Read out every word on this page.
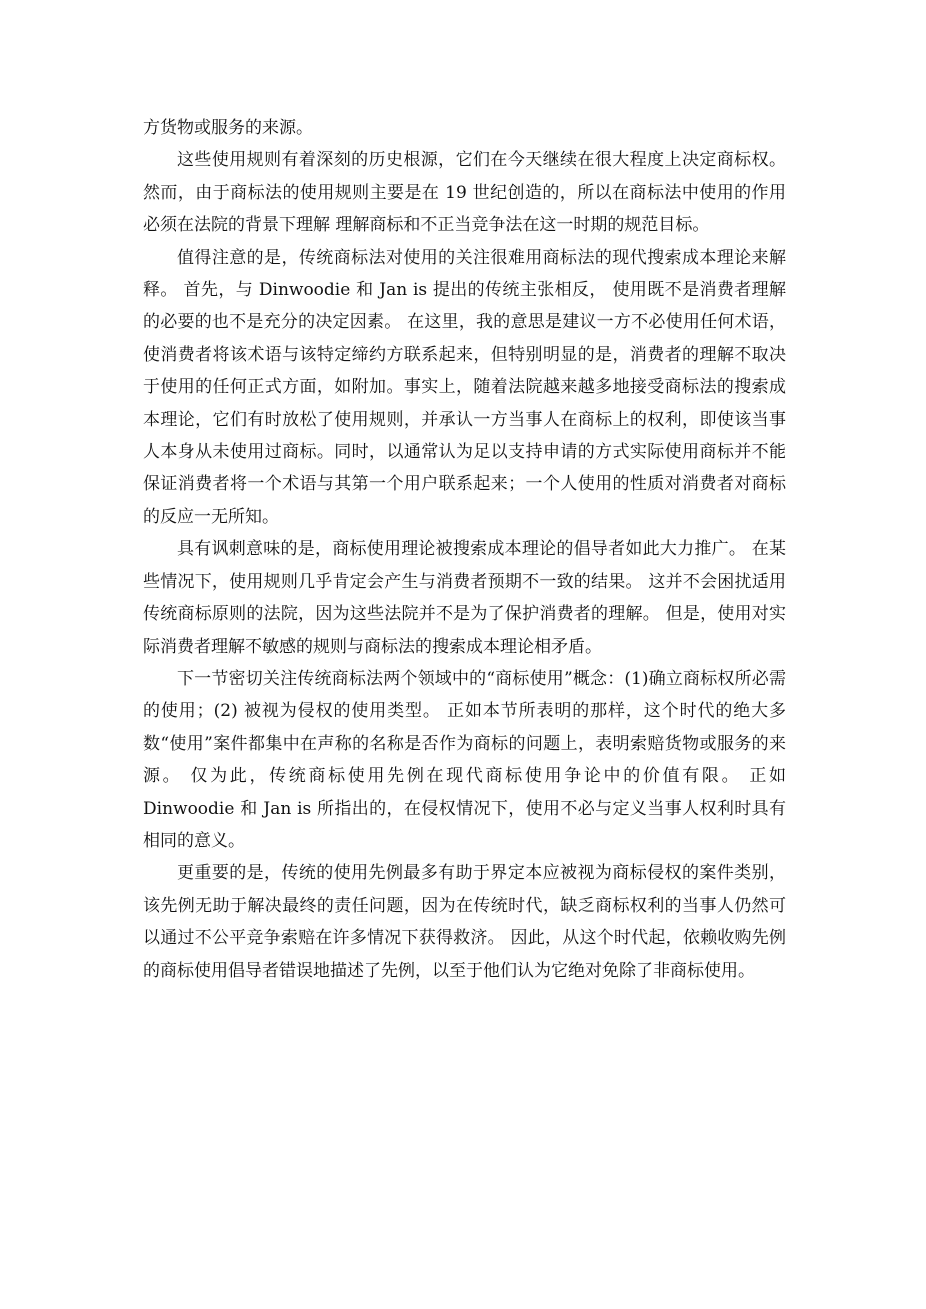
方货物或服务的来源。

这些使用规则有着深刻的历史根源，它们在今天继续在很大程度上决定商标权。 然而，由于商标法的使用规则主要是在 19 世纪创造的，所以在商标法中使用的作用必须在法院的背景下理解 理解商标和不正当竞争法在这一时期的规范目标。

值得注意的是，传统商标法对使用的关注很难用商标法的现代搜索成本理论来解释。 首先，与 Dinwoodie 和 Jan is 提出的传统主张相反， 使用既不是消费者理解的必要的也不是充分的决定因素。 在这里，我的意思是建议一方不必使用任何术语，使消费者将该术语与该特定缔约方联系起来，但特别明显的是，消费者的理解不取决于使用的任何正式方面，如附加。事实上，随着法院越来越多地接受商标法的搜索成本理论，它们有时放松了使用规则，并承认一方当事人在商标上的权利，即使该当事人本身从未使用过商标。同时，以通常认为足以支持申请的方式实际使用商标并不能保证消费者将一个术语与其第一个用户联系起来；一个人使用的性质对消费者对商标的反应一无所知。

具有讽刺意味的是，商标使用理论被搜索成本理论的倡导者如此大力推广。 在某些情况下，使用规则几乎肯定会产生与消费者预期不一致的结果。 这并不会困扰适用传统商标原则的法院，因为这些法院并不是为了保护消费者的理解。 但是，使用对实际消费者理解不敏感的规则与商标法的搜索成本理论相矛盾。

下一节密切关注传统商标法两个领域中的“商标使用”概念：(1)确立商标权所必需的使用；(2) 被视为侵权的使用类型。 正如本节所表明的那样，这个时代的绝大多数“使用”案件都集中在声称的名称是否作为商标的问题上，表明索赔货物或服务的来源。 仅为此，传统商标使用先例在现代商标使用争论中的价值有限。 正如 Dinwoodie 和 Jan is 所指出的，在侵权情况下，使用不必与定义当事人权利时具有相同的意义。

更重要的是，传统的使用先例最多有助于界定本应被视为商标侵权的案件类别，该先例无助于解决最终的责任问题，因为在传统时代，缺乏商标权利的当事人仍然可以通过不公平竞争索赔在许多情况下获得救济。 因此，从这个时代起，依赖收购先例的商标使用倡导者错误地描述了先例，以至于他们认为它绝对免除了非商标使用。
